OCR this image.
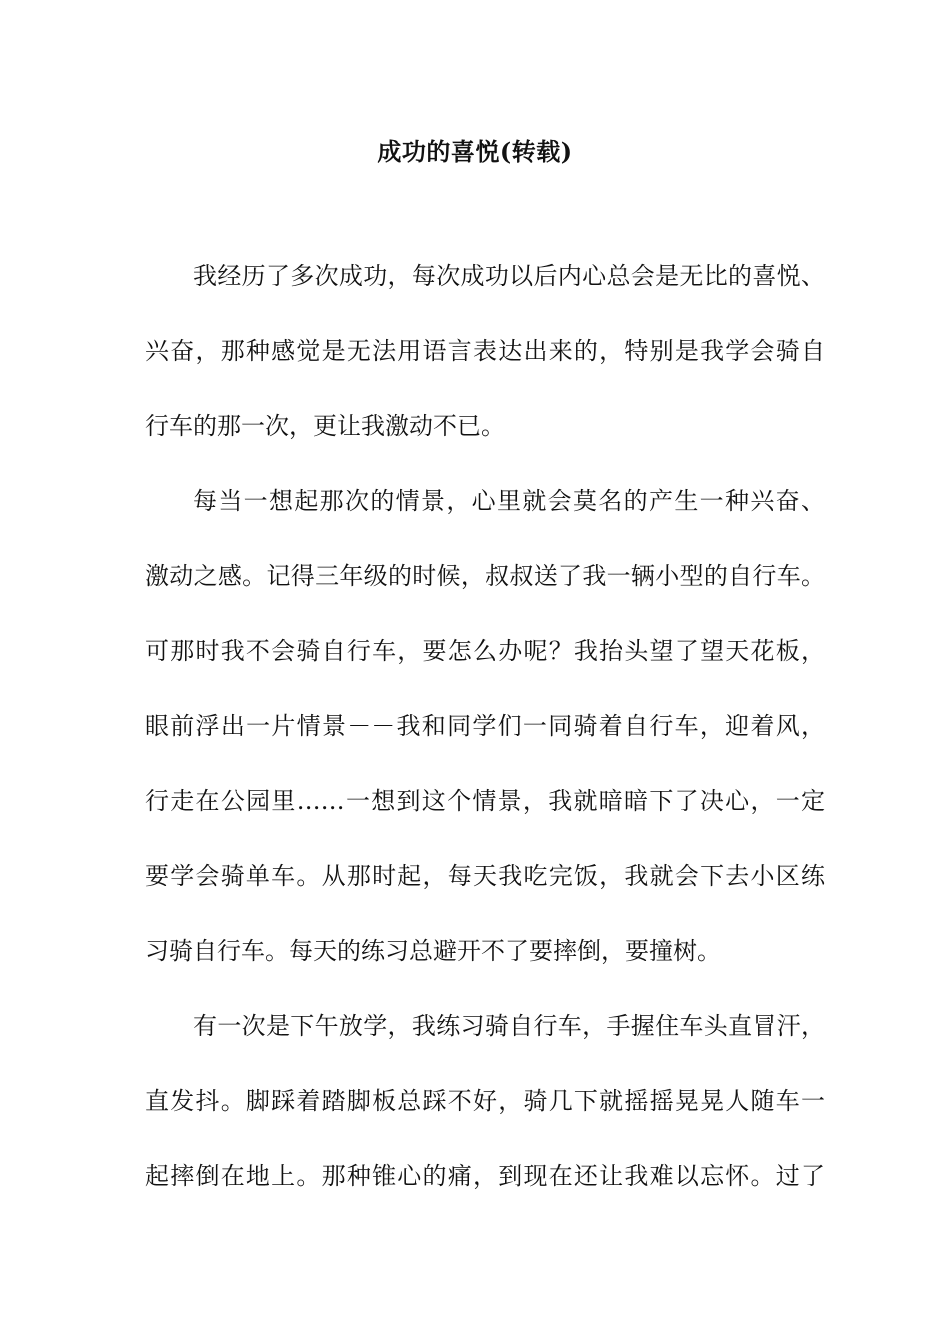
成功的喜悦(转载)
我经历了多次成功，每次成功以后内心总会是无比的喜悦、
兴奋，那种感觉是无法用语言表达出来的，特别是我学会骑自
行车的那一次，更让我激动不已。
每当一想起那次的情景，心里就会莫名的产生一种兴奋、
激动之感。记得三年级的时候，叔叔送了我一辆小型的自行车。
可那时我不会骑自行车，要怎么办呢？我抬头望了望天花板，
眼前浮出一片情景－－我和同学们一同骑着自行车，迎着风，
行走在公园里……一想到这个情景，我就暗暗下了决心，一定
要学会骑单车。从那时起，每天我吃完饭，我就会下去小区练
习骑自行车。每天的练习总避开不了要摔倒，要撞树。
有一次是下午放学，我练习骑自行车，手握住车头直冒汗，
直发抖。脚踩着踏脚板总踩不好，骑几下就摇摇晃晃人随车一
起摔倒在地上。那种锥心的痛，到现在还让我难以忘怀。过了
